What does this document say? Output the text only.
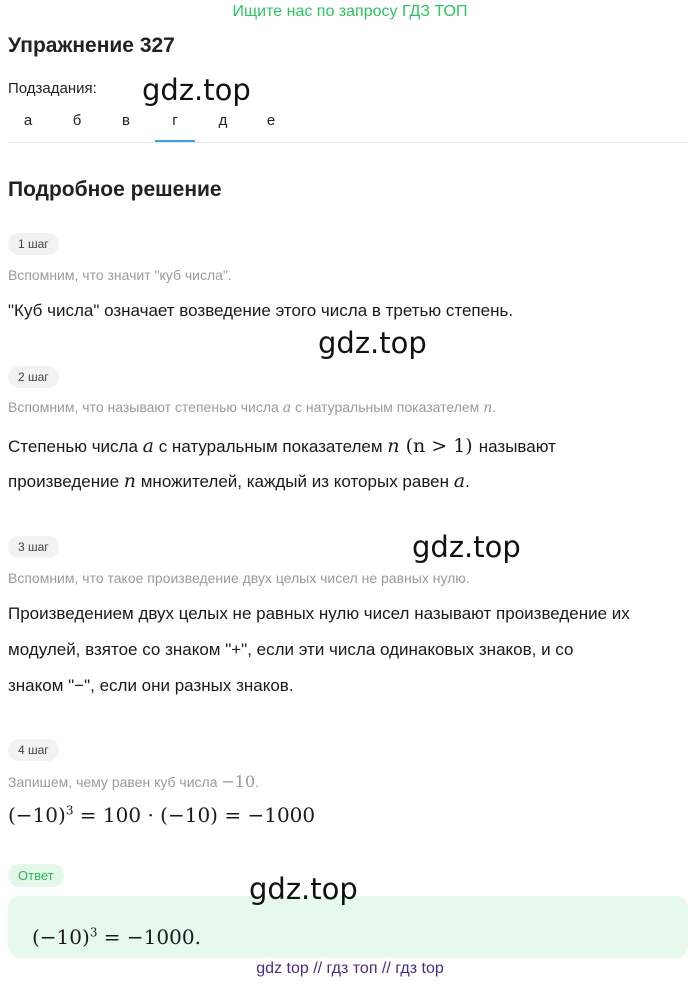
Ищите нас по запросу ГДЗ ТОП
Упражнение 327
Подзадания: gdz.top
а	б	в	г	д	е
Подробное решение
1 шаг
Вспомним, что значит "куб числа".
"Куб числа" означает возведение этого числа в третью степень.
gdz.top
2 шаг
Вспомним, что называют степенью числа a с натуральным показателем n.
Степенью числа a с натуральным показателем n (n > 1) называют
произведение n множителей, каждый из которых равен a.
gdz.top
3 шаг
Вспомним, что такое произведение двух целых чисел не равных нулю.
Произведением двух целых не равных нулю чисел называют произведение их
модулей, взятое со знаком "+", если эти числа одинаковых знаков, и со
знаком "−", если они разных знаков.
4 шаг
Запишем, чему равен куб числа −10.
$(-10)^3 = 100 \cdot (-10) = -1000$
Ответ
$(-10)^3 = -1000$.
gdz.top
gdz top // гдз топ // гдз top
